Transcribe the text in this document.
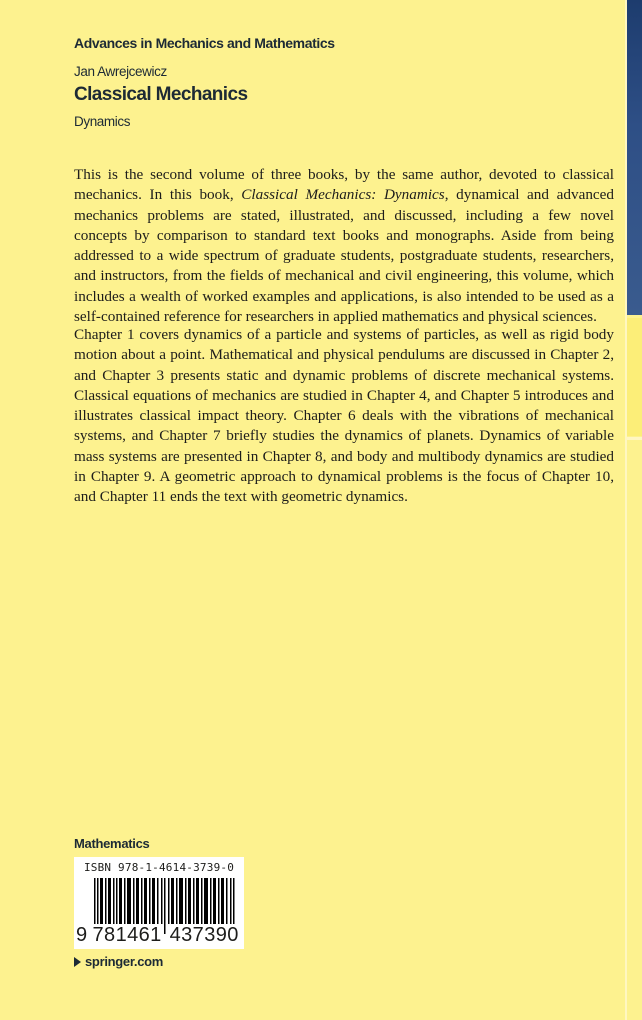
Advances in Mechanics and Mathematics
Jan Awrejcewicz
Classical Mechanics
Dynamics

This is the second volume of three books, by the same author, devoted to classical mechanics. In this book, Classical Mechanics: Dynamics, dynamical and advanced mechanics problems are stated, illustrated, and discussed, including a few novel concepts by comparison to standard text books and monographs. Aside from being addressed to a wide spectrum of graduate students, postgraduate students, researchers, and instructors, from the fields of mechanical and civil engineering, this volume, which includes a wealth of worked examples and applications, is also intended to be used as a self-contained reference for researchers in applied mathematics and physical sciences.

Chapter 1 covers dynamics of a particle and systems of particles, as well as rigid body motion about a point. Mathematical and physical pendulums are discussed in Chapter 2, and Chapter 3 presents static and dynamic problems of discrete mechanical systems. Classical equations of mechanics are studied in Chapter 4, and Chapter 5 introduces and illustrates classical impact theory. Chapter 6 deals with the vibrations of mechanical systems, and Chapter 7 briefly studies the dynamics of planets. Dynamics of variable mass systems are presented in Chapter 8, and body and multibody dynamics are studied in Chapter 9. A geometric approach to dynamical problems is the focus of Chapter 10, and Chapter 11 ends the text with geometric dynamics.

Mathematics
ISBN 978-1-4614-3739-0
9 781461 437390
springer.com
